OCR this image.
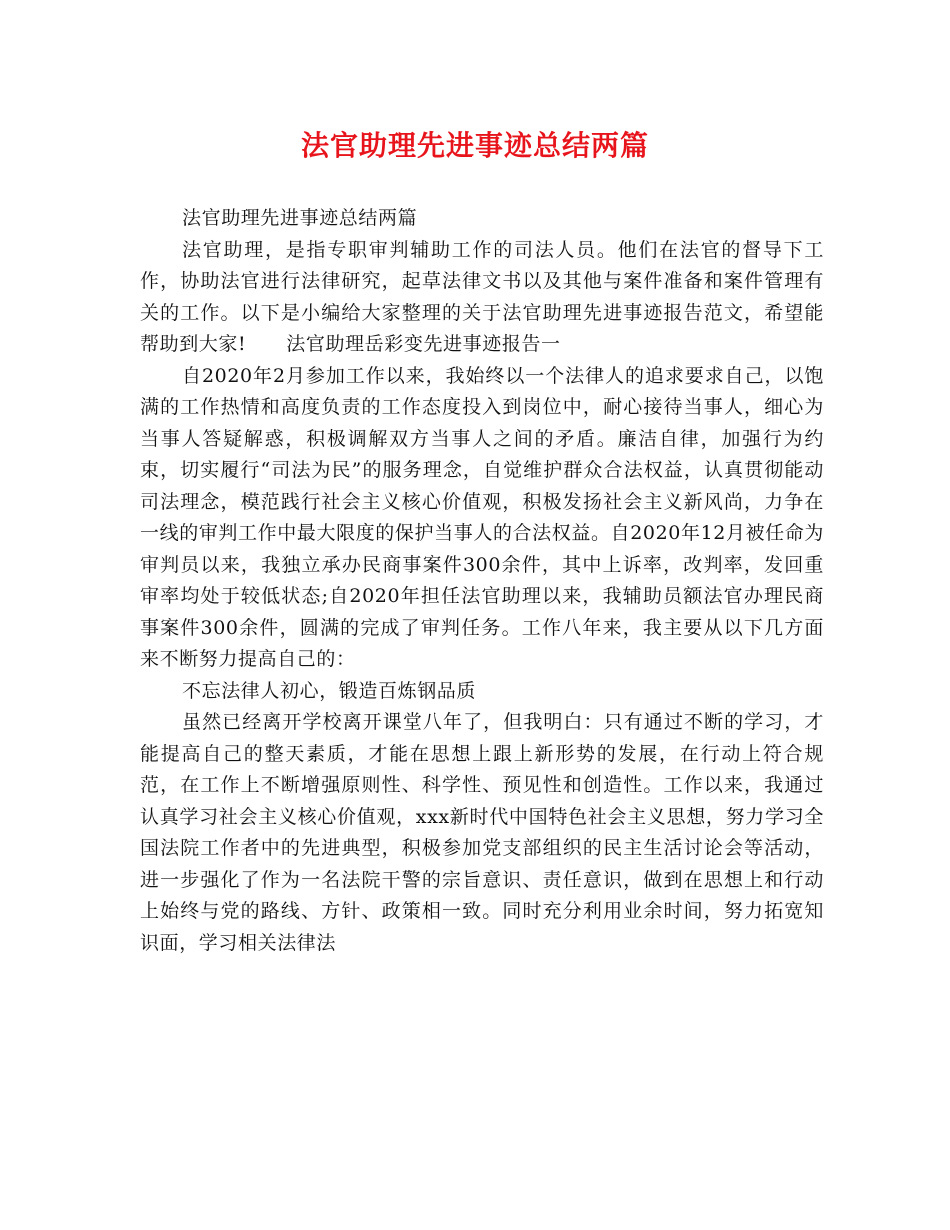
法官助理先进事迹总结两篇

法官助理先进事迹总结两篇

法官助理，是指专职审判辅助工作的司法人员。他们在法官的督导下工作，协助法官进行法律研究，起草法律文书以及其他与案件准备和案件管理有关的工作。以下是小编给大家整理的关于法官助理先进事迹报告范文，希望能帮助到大家! 法官助理岳彩变先进事迹报告一

自2020年2月参加工作以来，我始终以一个法律人的追求要求自己，以饱满的工作热情和高度负责的工作态度投入到岗位中，耐心接待当事人，细心为当事人答疑解惑，积极调解双方当事人之间的矛盾。廉洁自律，加强行为约束，切实履行“司法为民”的服务理念，自觉维护群众合法权益，认真贯彻能动司法理念，模范践行社会主义核心价值观，积极发扬社会主义新风尚，力争在一线的审判工作中最大限度的保护当事人的合法权益。自2020年12月被任命为审判员以来，我独立承办民商事案件300余件，其中上诉率，改判率，发回重审率均处于较低状态;自2020年担任法官助理以来，我辅助员额法官办理民商事案件300余件，圆满的完成了审判任务。工作八年来，我主要从以下几方面来不断努力提高自己的：

不忘法律人初心，锻造百炼钢品质

虽然已经离开学校离开课堂八年了，但我明白：只有通过不断的学习，才能提高自己的整天素质，才能在思想上跟上新形势的发展，在行动上符合规范，在工作上不断增强原则性、科学性、预见性和创造性。工作以来，我通过认真学习社会主义核心价值观，xxx新时代中国特色社会主义思想，努力学习全国法院工作者中的先进典型，积极参加党支部组织的民主生活讨论会等活动，进一步强化了作为一名法院干警的宗旨意识、责任意识，做到在思想上和行动上始终与党的路线、方针、政策相一致。同时充分利用业余时间，努力拓宽知识面，学习相关法律法
